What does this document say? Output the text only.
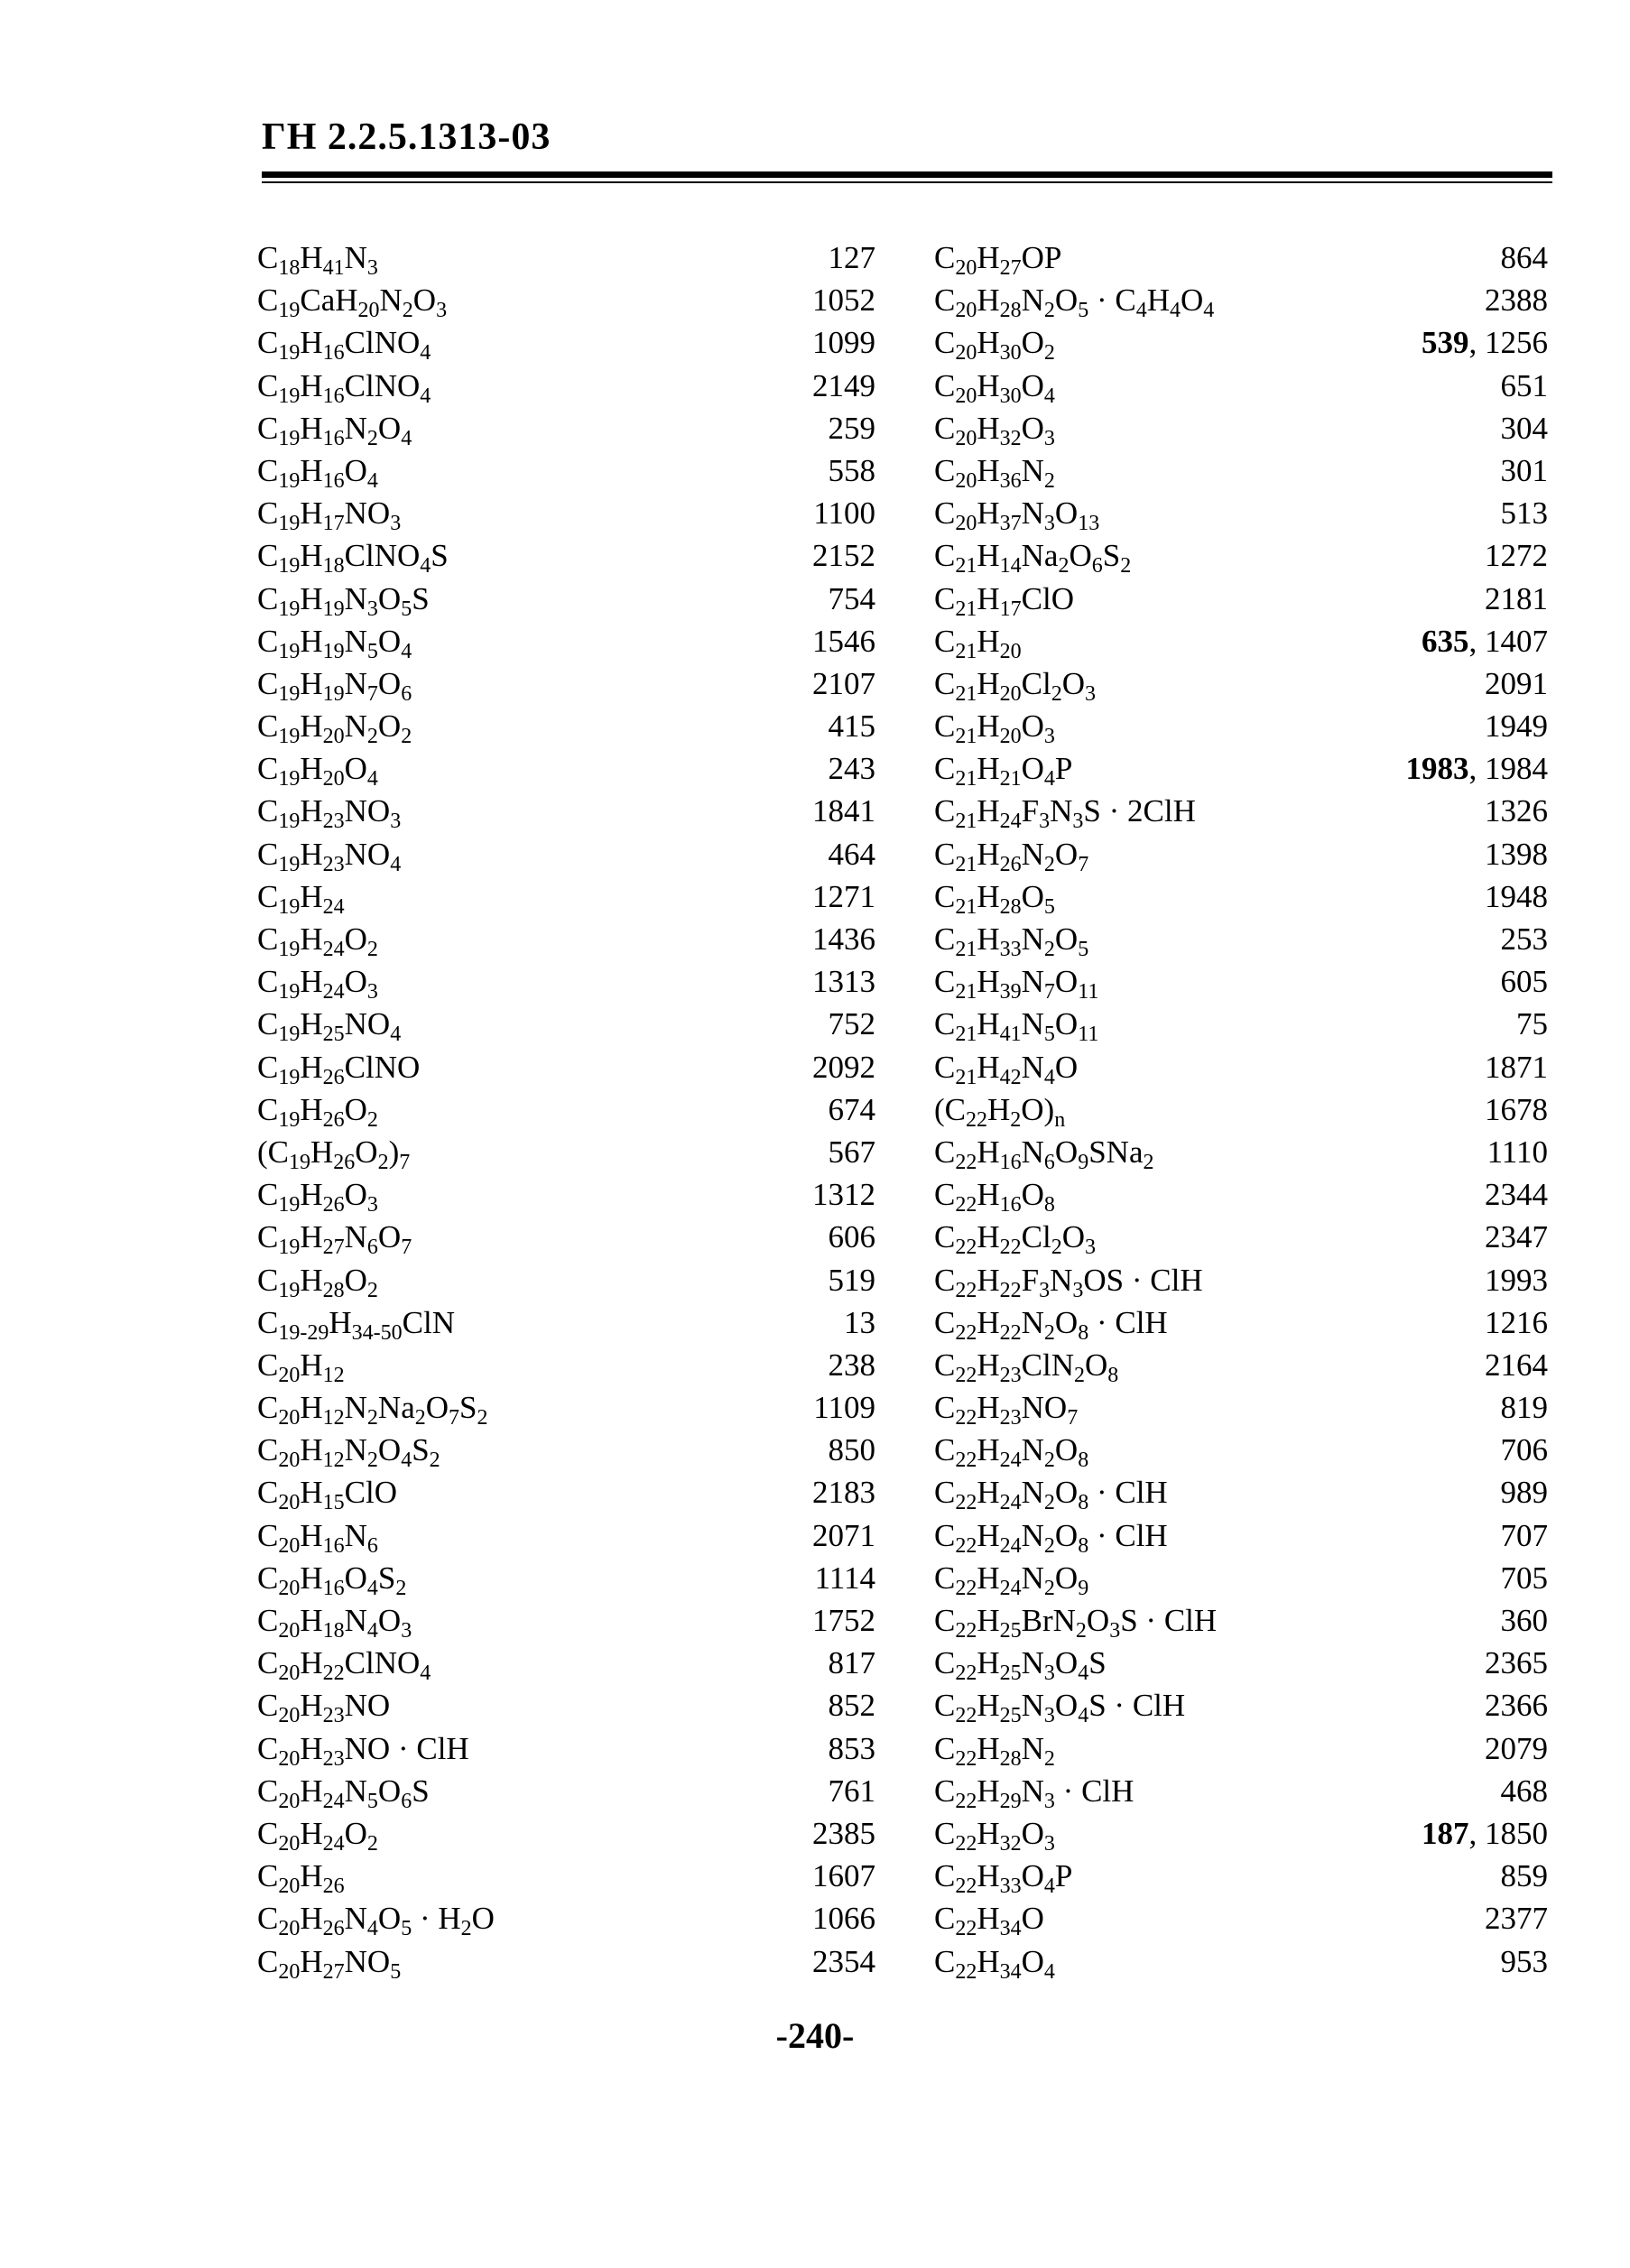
ГН 2.2.5.1313-03
$C_{18}H_{41}N_3$	127
$C_{19}CaH_{20}N_2O_3$	1052
$C_{19}H_{16}ClNO_4$	1099
$C_{19}H_{16}ClNO_4$	2149
$C_{19}H_{16}N_2O_4$	259
$C_{19}H_{16}O_4$	558
$C_{19}H_{17}NO_3$	1100
$C_{19}H_{18}ClNO_4S$	2152
$C_{19}H_{19}N_3O_5S$	754
$C_{19}H_{19}N_5O_4$	1546
$C_{19}H_{19}N_7O_6$	2107
$C_{19}H_{20}N_2O_2$	415
$C_{19}H_{20}O_4$	243
$C_{19}H_{23}NO_3$	1841
$C_{19}H_{23}NO_4$	464
$C_{19}H_{24}$	1271
$C_{19}H_{24}O_2$	1436
$C_{19}H_{24}O_3$	1313
$C_{19}H_{25}NO_4$	752
$C_{19}H_{26}ClNO$	2092
$C_{19}H_{26}O_2$	674
$(C_{19}H_{26}O_2)_7$	567
$C_{19}H_{26}O_3$	1312
$C_{19}H_{27}N_6O_7$	606
$C_{19}H_{28}O_2$	519
$C_{19-29}H_{34-50}ClN$	13
$C_{20}H_{12}$	238
$C_{20}H_{12}N_2Na_2O_7S_2$	1109
$C_{20}H_{12}N_2O_4S_2$	850
$C_{20}H_{15}ClO$	2183
$C_{20}H_{16}N_6$	2071
$C_{20}H_{16}O_4S_2$	1114
$C_{20}H_{18}N_4O_3$	1752
$C_{20}H_{22}ClNO_4$	817
$C_{20}H_{23}NO$	852
$C_{20}H_{23}NO$ · ClH	853
$C_{20}H_{24}N_5O_6S$	761
$C_{20}H_{24}O_2$	2385
$C_{20}H_{26}$	1607
$C_{20}H_{26}N_4O_5 \cdot H_2O$	1066
$C_{20}H_{27}NO_5$	2354
$C_{20}H_{27}OP$	864
$C_{20}H_{28}N_2O_5 \cdot C_4H_4O_4$	2388
$C_{20}H_{30}O_2$	539, 1256
$C_{20}H_{30}O_4$	651
$C_{20}H_{32}O_3$	304
$C_{20}H_{36}N_2$	301
$C_{20}H_{37}N_3O_{13}$	513
$C_{21}H_{14}Na_2O_6S_2$	1272
$C_{21}H_{17}ClO$	2181
$C_{21}H_{20}$	635, 1407
$C_{21}H_{20}Cl_2O_3$	2091
$C_{21}H_{20}O_3$	1949
$C_{21}H_{21}O_4P$	1983, 1984
$C_{21}H_{24}F_3N_3S \cdot 2ClH$	1326
$C_{21}H_{26}N_2O_7$	1398
$C_{21}H_{28}O_5$	1948
$C_{21}H_{33}N_2O_5$	253
$C_{21}H_{39}N_7O_{11}$	605
$C_{21}H_{41}N_5O_{11}$	75
$C_{21}H_{42}N_4O$	1871
$(C_{22}H_2O)_n$	1678
$C_{22}H_{16}N_6O_9SNa_2$	1110
$C_{22}H_{16}O_8$	2344
$C_{22}H_{22}Cl_2O_3$	2347
$C_{22}H_{22}F_3N_3OS$ · ClH	1993
$C_{22}H_{22}N_2O_8$ · ClH	1216
$C_{22}H_{23}ClN_2O_8$	2164
$C_{22}H_{23}NO_7$	819
$C_{22}H_{24}N_2O_8$	706
$C_{22}H_{24}N_2O_8$ · ClH	989
$C_{22}H_{24}N_2O_8$ · ClH	707
$C_{22}H_{24}N_2O_9$	705
$C_{22}H_{25}BrN_2O_3S$ · ClH	360
$C_{22}H_{25}N_3O_4S$	2365
$C_{22}H_{25}N_3O_4S$ · ClH	2366
$C_{22}H_{28}N_2$	2079
$C_{22}H_{29}N_3$ · ClH	468
$C_{22}H_{32}O_3$	187, 1850
$C_{22}H_{33}O_4P$	859
$C_{22}H_{34}O$	2377
$C_{22}H_{34}O_4$	953
-240-
